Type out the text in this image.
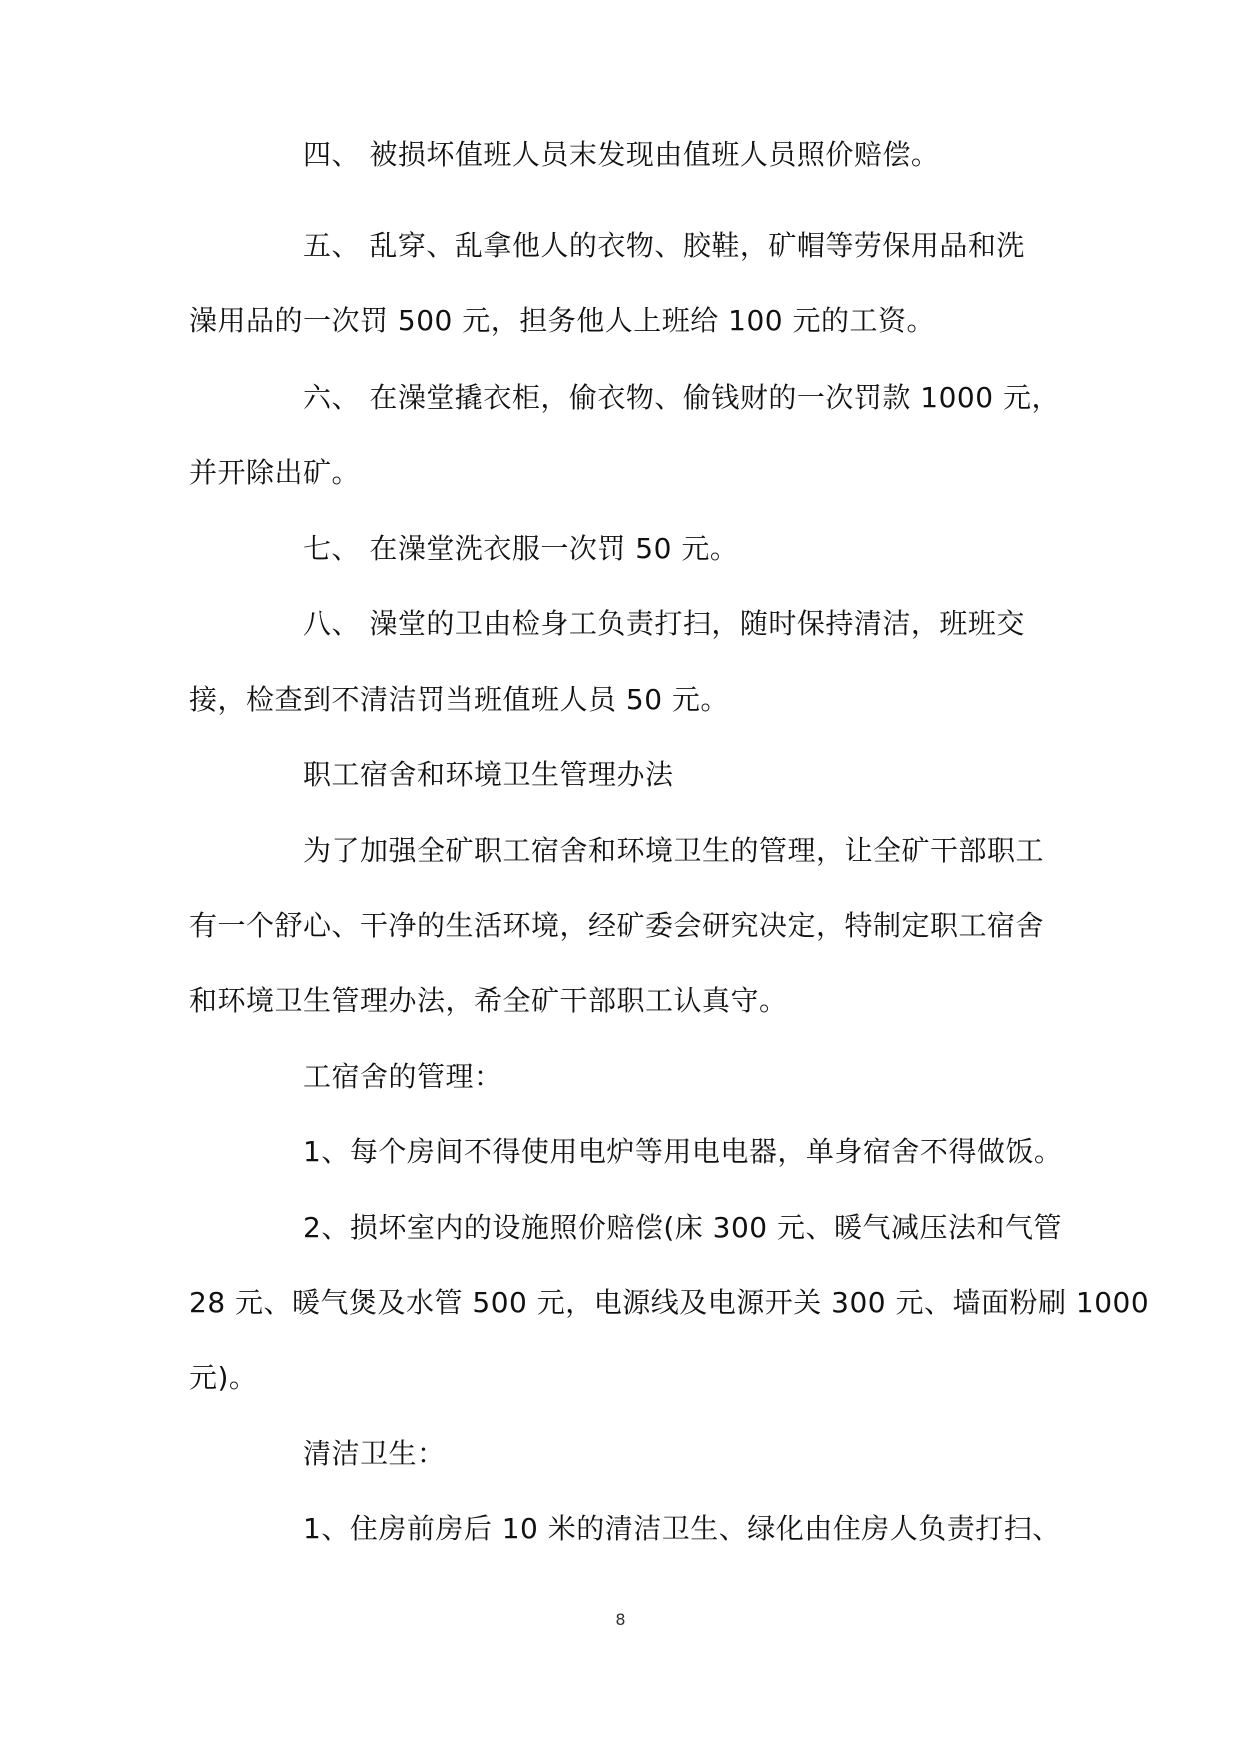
四、 被损坏值班人员末发现由值班人员照价赔偿。
五、 乱穿、乱拿他人的衣物、胶鞋，矿帽等劳保用品和洗
澡用品的一次罚 500 元，担务他人上班给 100 元的工资。
六、 在澡堂撬衣柜，偷衣物、偷钱财的一次罚款 1000 元，
并开除出矿。
七、 在澡堂洗衣服一次罚 50 元。
八、 澡堂的卫由检身工负责打扫，随时保持清洁，班班交
接，检查到不清洁罚当班值班人员 50 元。
职工宿舍和环境卫生管理办法
为了加强全矿职工宿舍和环境卫生的管理，让全矿干部职工
有一个舒心、干净的生活环境，经矿委会研究决定，特制定职工宿舍
和环境卫生管理办法，希全矿干部职工认真守。
工宿舍的管理：
1、每个房间不得使用电炉等用电电器，单身宿舍不得做饭。
2、损坏室内的设施照价赔偿(床 300 元、暖气减压法和气管
28 元、暖气煲及水管 500 元，电源线及电源开关 300 元、墙面粉刷 1000
元)。
清洁卫生：
1、住房前房后 10 米的清洁卫生、绿化由住房人负责打扫、
8
